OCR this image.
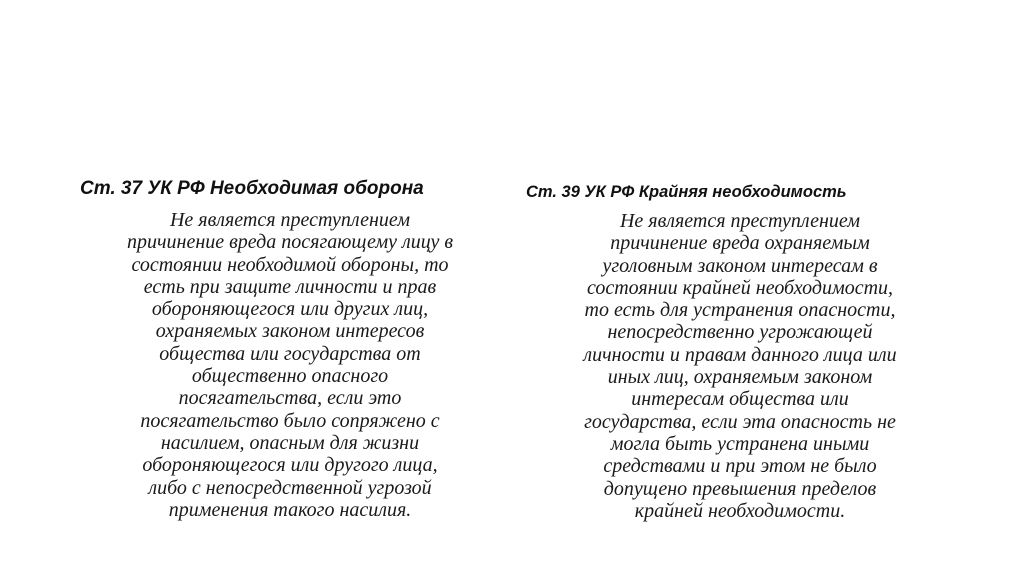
Ст. 37 УК РФ Необходимая оборона

Не является преступлением
причинение вреда посягающему лицу в
состоянии необходимой обороны, то
есть при защите личности и прав
обороняющегося или других лиц,
охраняемых законом интересов
общества или государства от
общественно опасного
посягательства, если это
посягательство было сопряжено с
насилием, опасным для жизни
обороняющегося или другого лица,
либо с непосредственной угрозой
применения такого насилия.

Ст. 39 УК РФ Крайняя необходимость

Не является преступлением
причинение вреда охраняемым
уголовным законом интересам в
состоянии крайней необходимости,
то есть для устранения опасности,
непосредственно угрожающей
личности и правам данного лица или
иных лиц, охраняемым законом
интересам общества или
государства, если эта опасность не
могла быть устранена иными
средствами и при этом не было
допущено превышения пределов
крайней необходимости.
